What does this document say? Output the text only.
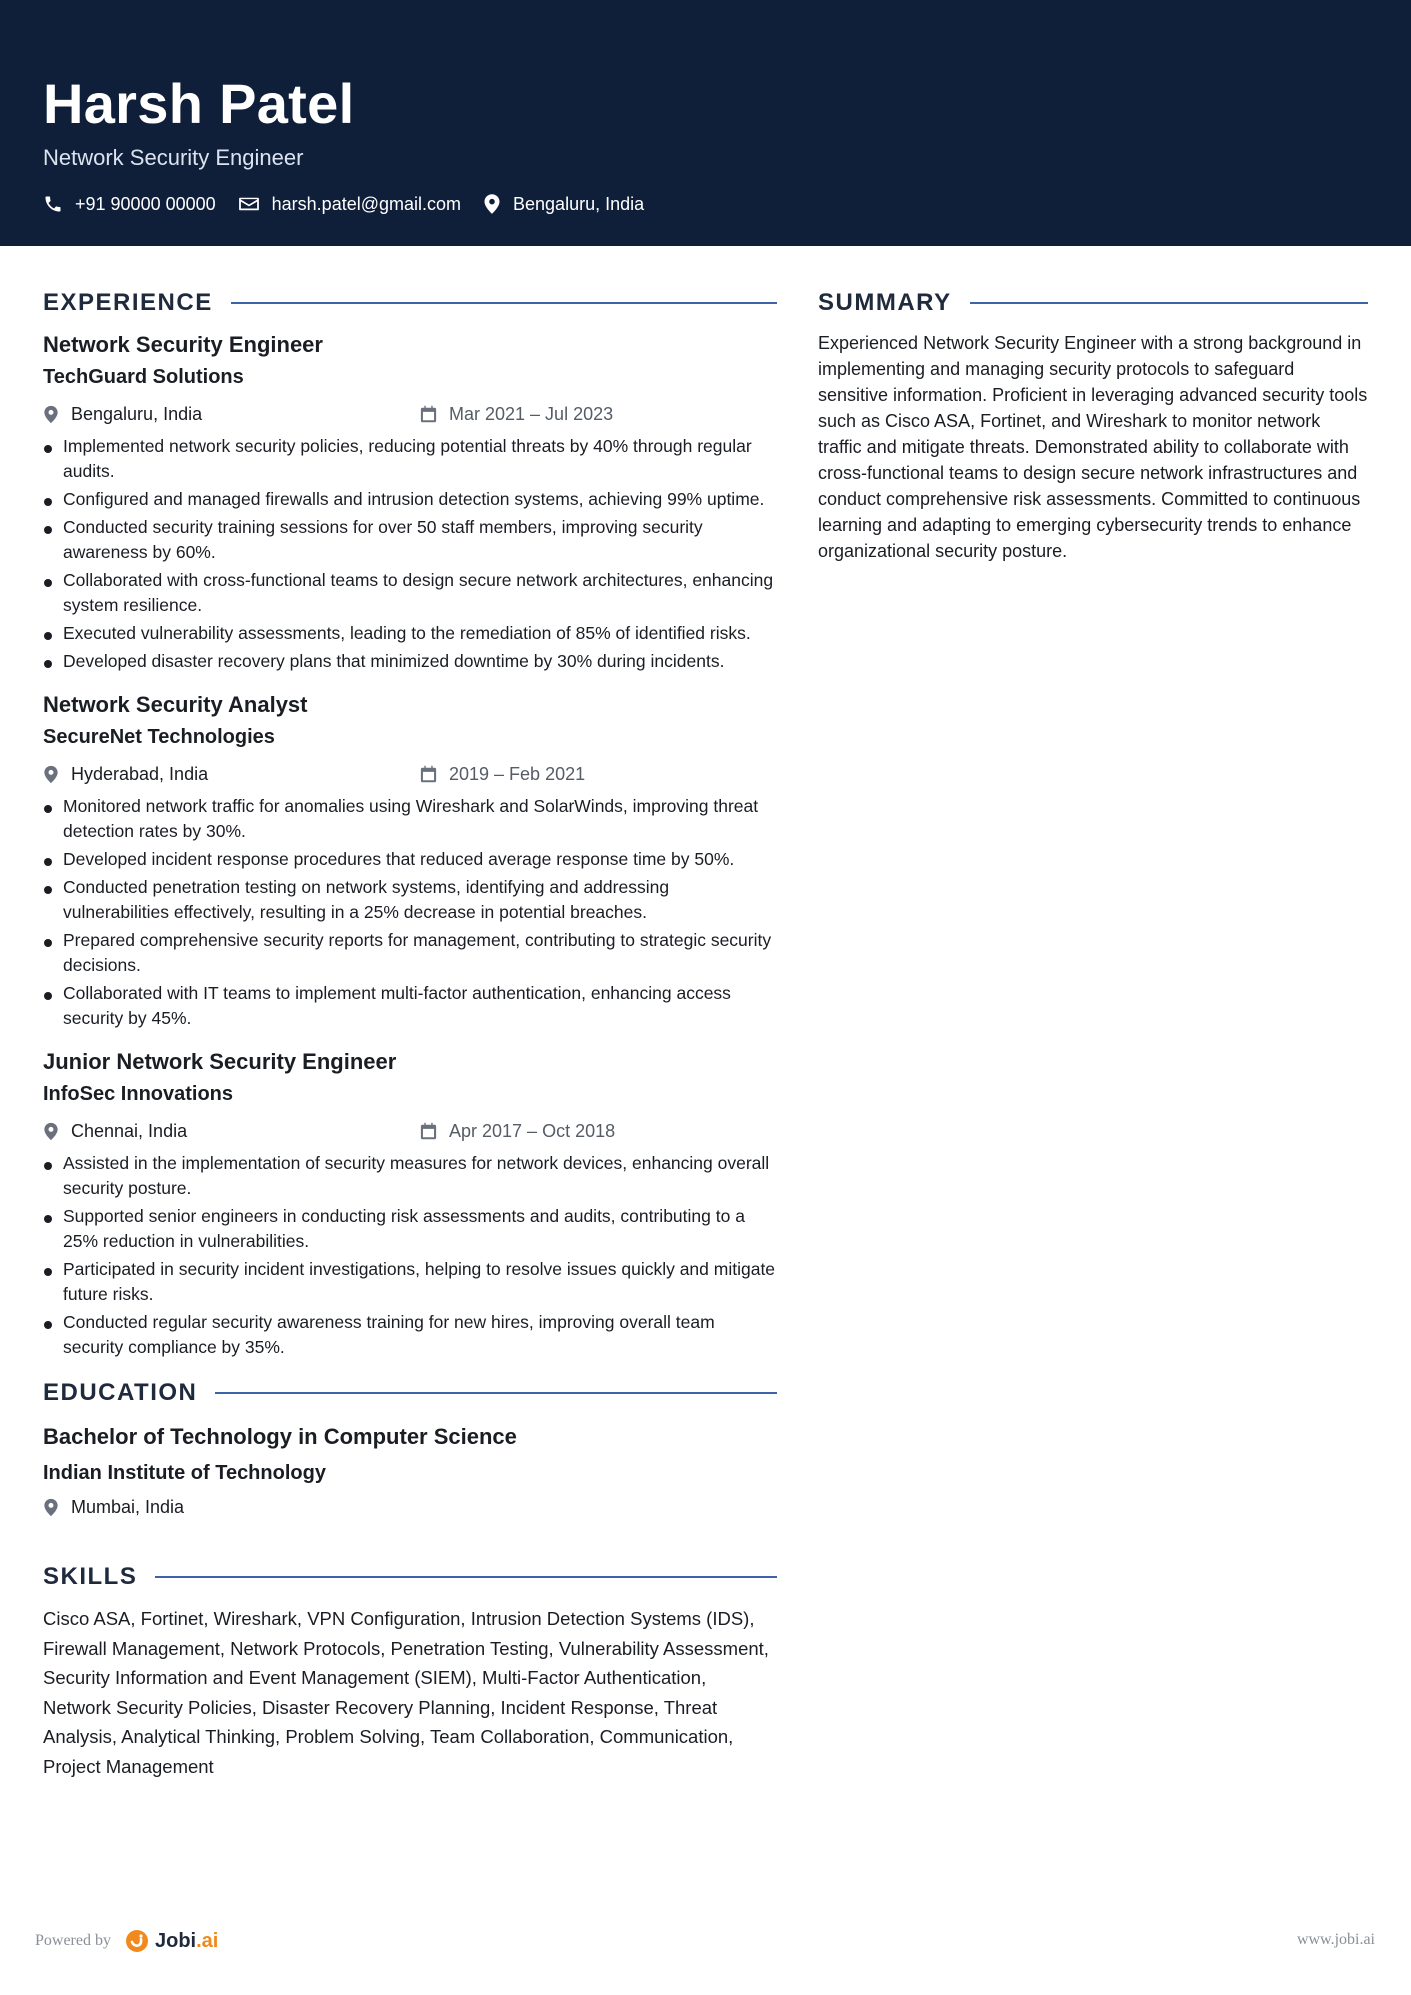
Harsh Patel
Network Security Engineer
+91 90000 00000	harsh.patel@gmail.com	Bengaluru, India
EXPERIENCE
Network Security Engineer
TechGuard Solutions
Bengaluru, India	Mar 2021 – Jul 2023
Implemented network security policies, reducing potential threats by 40% through regular audits.
Configured and managed firewalls and intrusion detection systems, achieving 99% uptime.
Conducted security training sessions for over 50 staff members, improving security awareness by 60%.
Collaborated with cross-functional teams to design secure network architectures, enhancing system resilience.
Executed vulnerability assessments, leading to the remediation of 85% of identified risks.
Developed disaster recovery plans that minimized downtime by 30% during incidents.
Network Security Analyst
SecureNet Technologies
Hyderabad, India	2019 – Feb 2021
Monitored network traffic for anomalies using Wireshark and SolarWinds, improving threat detection rates by 30%.
Developed incident response procedures that reduced average response time by 50%.
Conducted penetration testing on network systems, identifying and addressing vulnerabilities effectively, resulting in a 25% decrease in potential breaches.
Prepared comprehensive security reports for management, contributing to strategic security decisions.
Collaborated with IT teams to implement multi-factor authentication, enhancing access security by 45%.
Junior Network Security Engineer
InfoSec Innovations
Chennai, India	Apr 2017 – Oct 2018
Assisted in the implementation of security measures for network devices, enhancing overall security posture.
Supported senior engineers in conducting risk assessments and audits, contributing to a 25% reduction in vulnerabilities.
Participated in security incident investigations, helping to resolve issues quickly and mitigate future risks.
Conducted regular security awareness training for new hires, improving overall team security compliance by 35%.
EDUCATION
Bachelor of Technology in Computer Science
Indian Institute of Technology
Mumbai, India
SKILLS
Cisco ASA, Fortinet, Wireshark, VPN Configuration, Intrusion Detection Systems (IDS), Firewall Management, Network Protocols, Penetration Testing, Vulnerability Assessment, Security Information and Event Management (SIEM), Multi-Factor Authentication, Network Security Policies, Disaster Recovery Planning, Incident Response, Threat Analysis, Analytical Thinking, Problem Solving, Team Collaboration, Communication, Project Management
SUMMARY
Experienced Network Security Engineer with a strong background in implementing and managing security protocols to safeguard sensitive information. Proficient in leveraging advanced security tools such as Cisco ASA, Fortinet, and Wireshark to monitor network traffic and mitigate threats. Demonstrated ability to collaborate with cross-functional teams to design secure network infrastructures and conduct comprehensive risk assessments. Committed to continuous learning and adapting to emerging cybersecurity trends to enhance organizational security posture.
Powered by Jobi .ai	www.jobi.ai
